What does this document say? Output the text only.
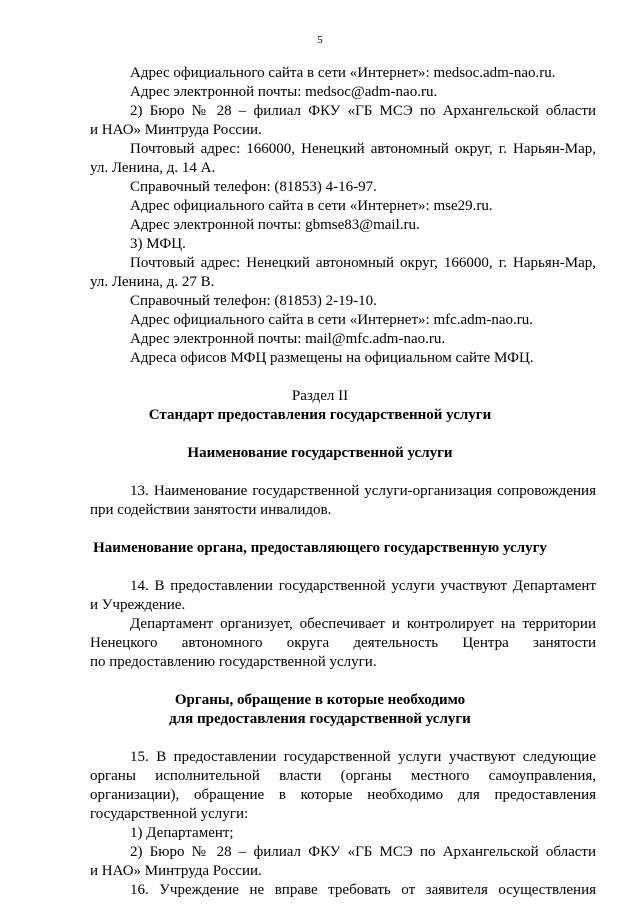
5
Адрес официального сайта в сети «Интернет»: medsoc.adm-nao.ru.
Адрес электронной почты: medsoc@adm-nao.ru.
2) Бюро № 28 – филиал ФКУ «ГБ МСЭ по Архангельской области
и НАО» Минтруда России.
Почтовый адрес: 166000, Ненецкий автономный округ, г. Нарьян-Мар,
ул. Ленина, д. 14 А.
Справочный телефон: (81853) 4-16-97.
Адрес официального сайта в сети «Интернет»: mse29.ru.
Адрес электронной почты: gbmse83@mail.ru.
3) МФЦ.
Почтовый адрес: Ненецкий автономный округ, 166000, г. Нарьян-Мар,
ул. Ленина, д. 27 В.
Справочный телефон: (81853) 2-19-10.
Адрес официального сайта в сети «Интернет»: mfc.adm-nao.ru.
Адрес электронной почты: mail@mfc.adm-nao.ru.
Адреса офисов МФЦ размещены на официальном сайте МФЦ.
Раздел II
Стандарт предоставления государственной услуги
Наименование государственной услуги
13. Наименование государственной услуги-организация сопровождения
при содействии занятости инвалидов.
Наименование органа, предоставляющего государственную услугу
14. В предоставлении государственной услуги участвуют Департамент
и Учреждение.
Департамент организует, обеспечивает и контролирует на территории
Ненецкого автономного округа деятельность Центра занятости
по предоставлению государственной услуги.
Органы, обращение в которые необходимо
для предоставления государственной услуги
15. В предоставлении государственной услуги участвуют следующие
органы исполнительной власти (органы местного самоуправления,
организации), обращение в которые необходимо для предоставления
государственной услуги:
1) Департамент;
2) Бюро № 28 – филиал ФКУ «ГБ МСЭ по Архангельской области
и НАО» Минтруда России.
16. Учреждение не вправе требовать от заявителя осуществления
